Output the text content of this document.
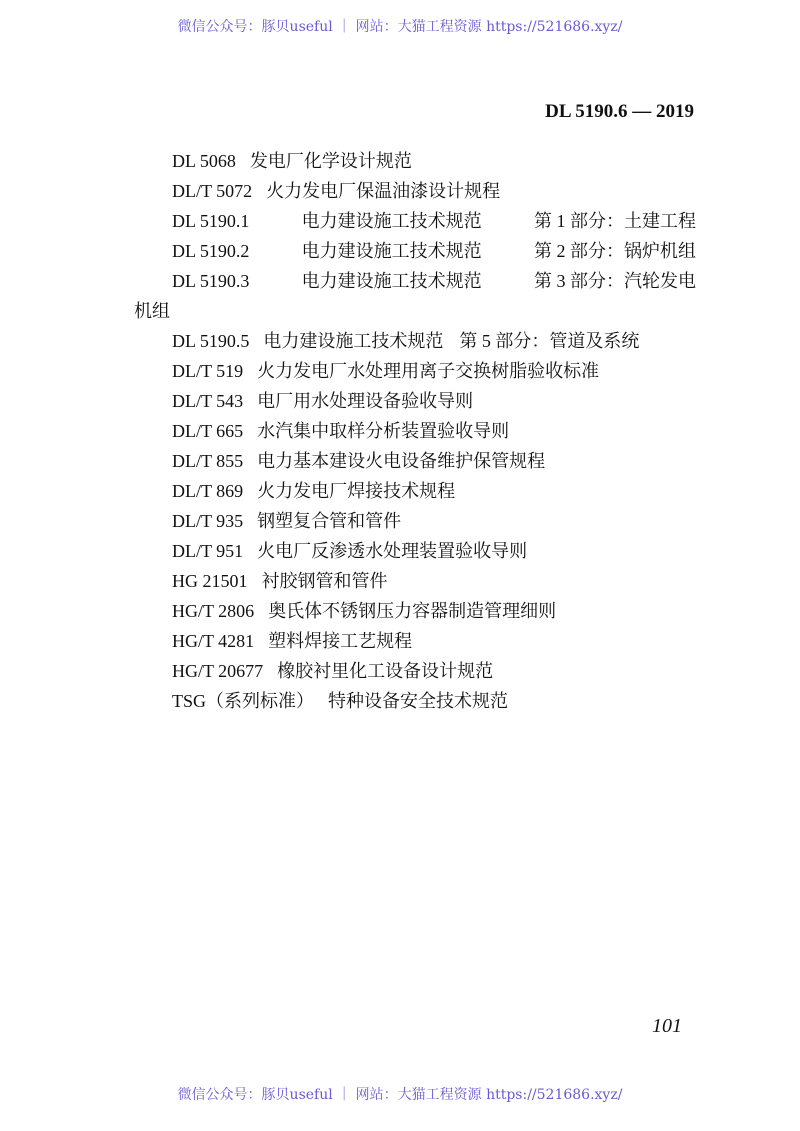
微信公众号：豚贝useful ｜ 网站：大猫工程资源 https://521686.xyz/
DL 5190.6 — 2019
DL 5068 发电厂化学设计规范
DL/T 5072 火力发电厂保温油漆设计规程
DL 5190.1	电力建设施工技术规范	第 1 部分：土建工程
DL 5190.2	电力建设施工技术规范	第 2 部分：锅炉机组
DL 5190.3	电力建设施工技术规范	第 3 部分：汽轮发电
机组
DL 5190.5 电力建设施工技术规范 第 5 部分：管道及系统
DL/T 519 火力发电厂水处理用离子交换树脂验收标准
DL/T 543 电厂用水处理设备验收导则
DL/T 665 水汽集中取样分析装置验收导则
DL/T 855 电力基本建设火电设备维护保管规程
DL/T 869 火力发电厂焊接技术规程
DL/T 935 钢塑复合管和管件
DL/T 951 火电厂反渗透水处理装置验收导则
HG 21501 衬胶钢管和管件
HG/T 2806 奥氏体不锈钢压力容器制造管理细则
HG/T 4281 塑料焊接工艺规程
HG/T 20677 橡胶衬里化工设备设计规范
TSG（系列标准） 特种设备安全技术规范
101
微信公众号：豚贝useful ｜ 网站：大猫工程资源 https://521686.xyz/
